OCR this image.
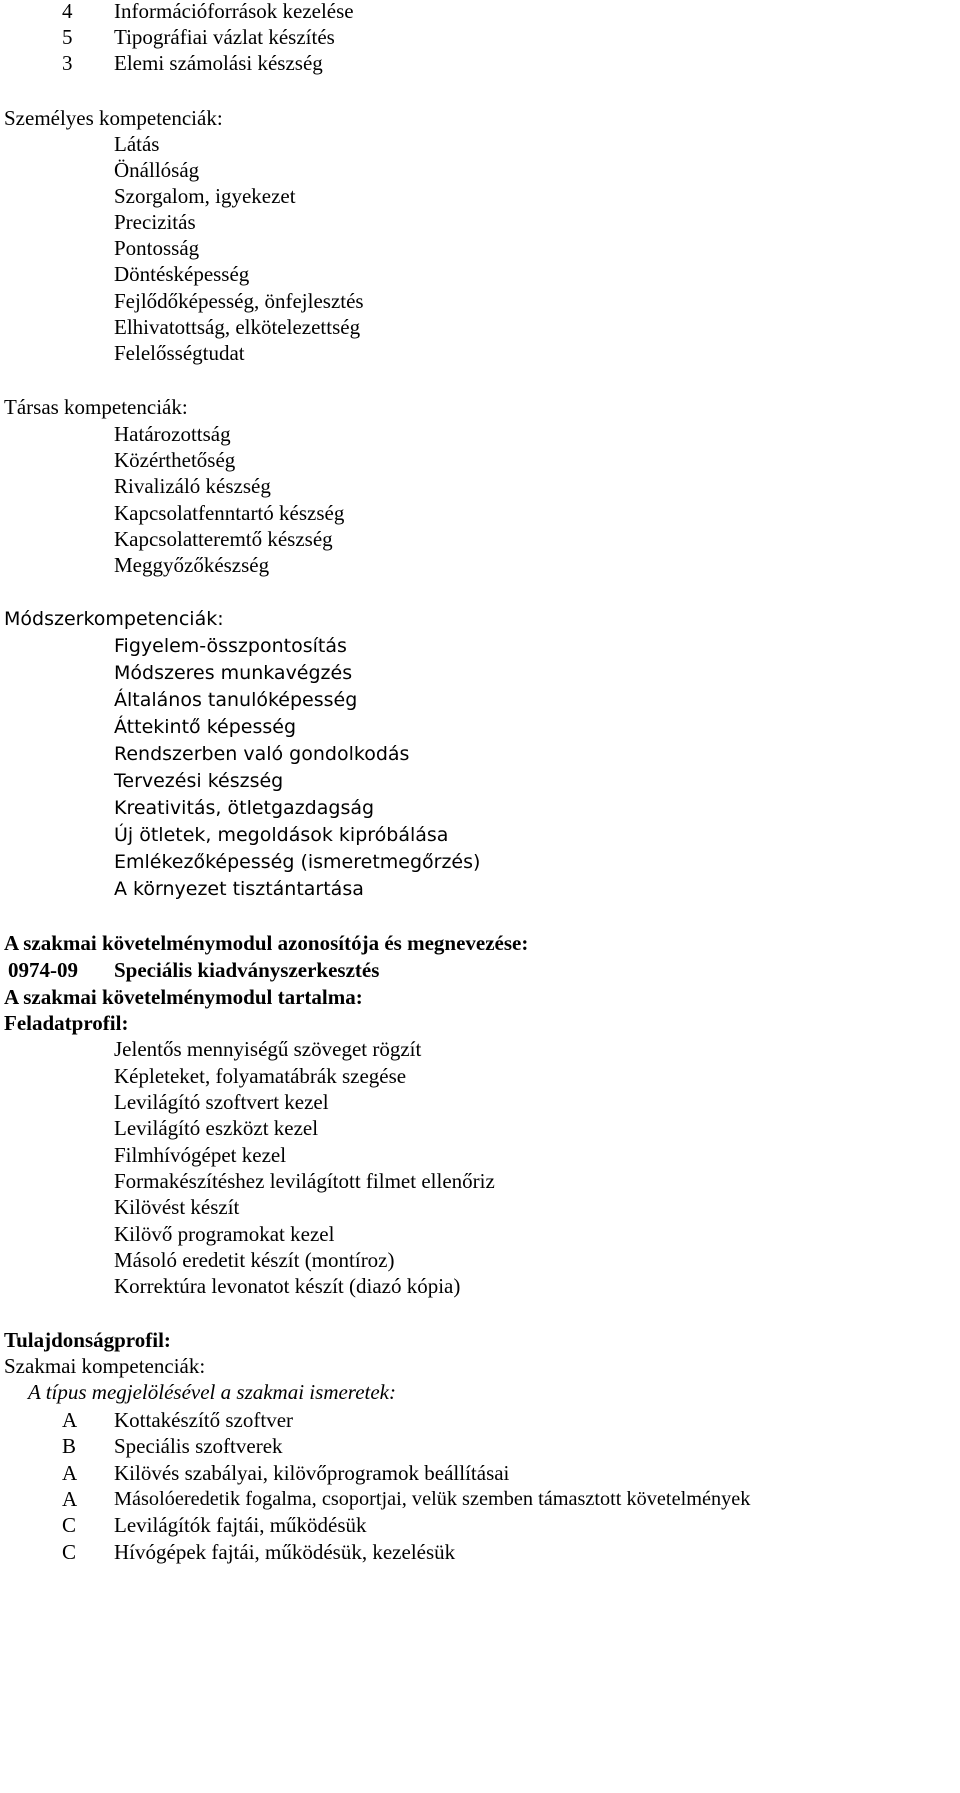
4 Információforrások kezelése
5 Tipográfiai vázlat készítés
3 Elemi számolási készség
Személyes kompetenciák:
Látás
Önállóság
Szorgalom, igyekezet
Precizitás
Pontosság
Döntésképesség
Fejlődőképesség, önfejlesztés
Elhivatottság, elkötelezettség
Felelősségtudat
Társas kompetenciák:
Határozottság
Közérthetőség
Rivalizáló készség
Kapcsolatfenntartó készség
Kapcsolatteremtő készség
Meggyőzőkészség
Módszerkompetenciák:
Figyelem-összpontosítás
Módszeres munkavégzés
Általános tanulóképesség
Áttekintő képesség
Rendszerben való gondolkodás
Tervezési készség
Kreativitás, ötletgazdagság
Új ötletek, megoldások kipróbálása
Emlékezőképesség (ismeretmegőrzés)
A környezet tisztántartása
A szakmai követelménymodul azonosítója és megnevezése:
0974-09 Speciális kiadványszerkesztés
A szakmai követelménymodul tartalma:
Feladatprofil:
Jelentős mennyiségű szöveget rögzít
Képleteket, folyamatábrák szegése
Levilágító szoftvert kezel
Levilágító eszközt kezel
Filmhívógépet kezel
Formakészítéshez levilágított filmet ellenőriz
Kilövést készít
Kilövő programokat kezel
Másoló eredetit készít (montíroz)
Korrektúra levonatot készít (diazó kópia)
Tulajdonságprofil:
Szakmai kompetenciák:
A típus megjelölésével a szakmai ismeretek:
A Kottakészítő szoftver
B Speciális szoftverek
A Kilövés szabályai, kilövőprogramok beállításai
A Másolóeredetik fogalma, csoportjai, velük szemben támasztott követelmények
C Levilágítók fajtái, működésük
C Hívógépek fajtái, működésük, kezelésük
